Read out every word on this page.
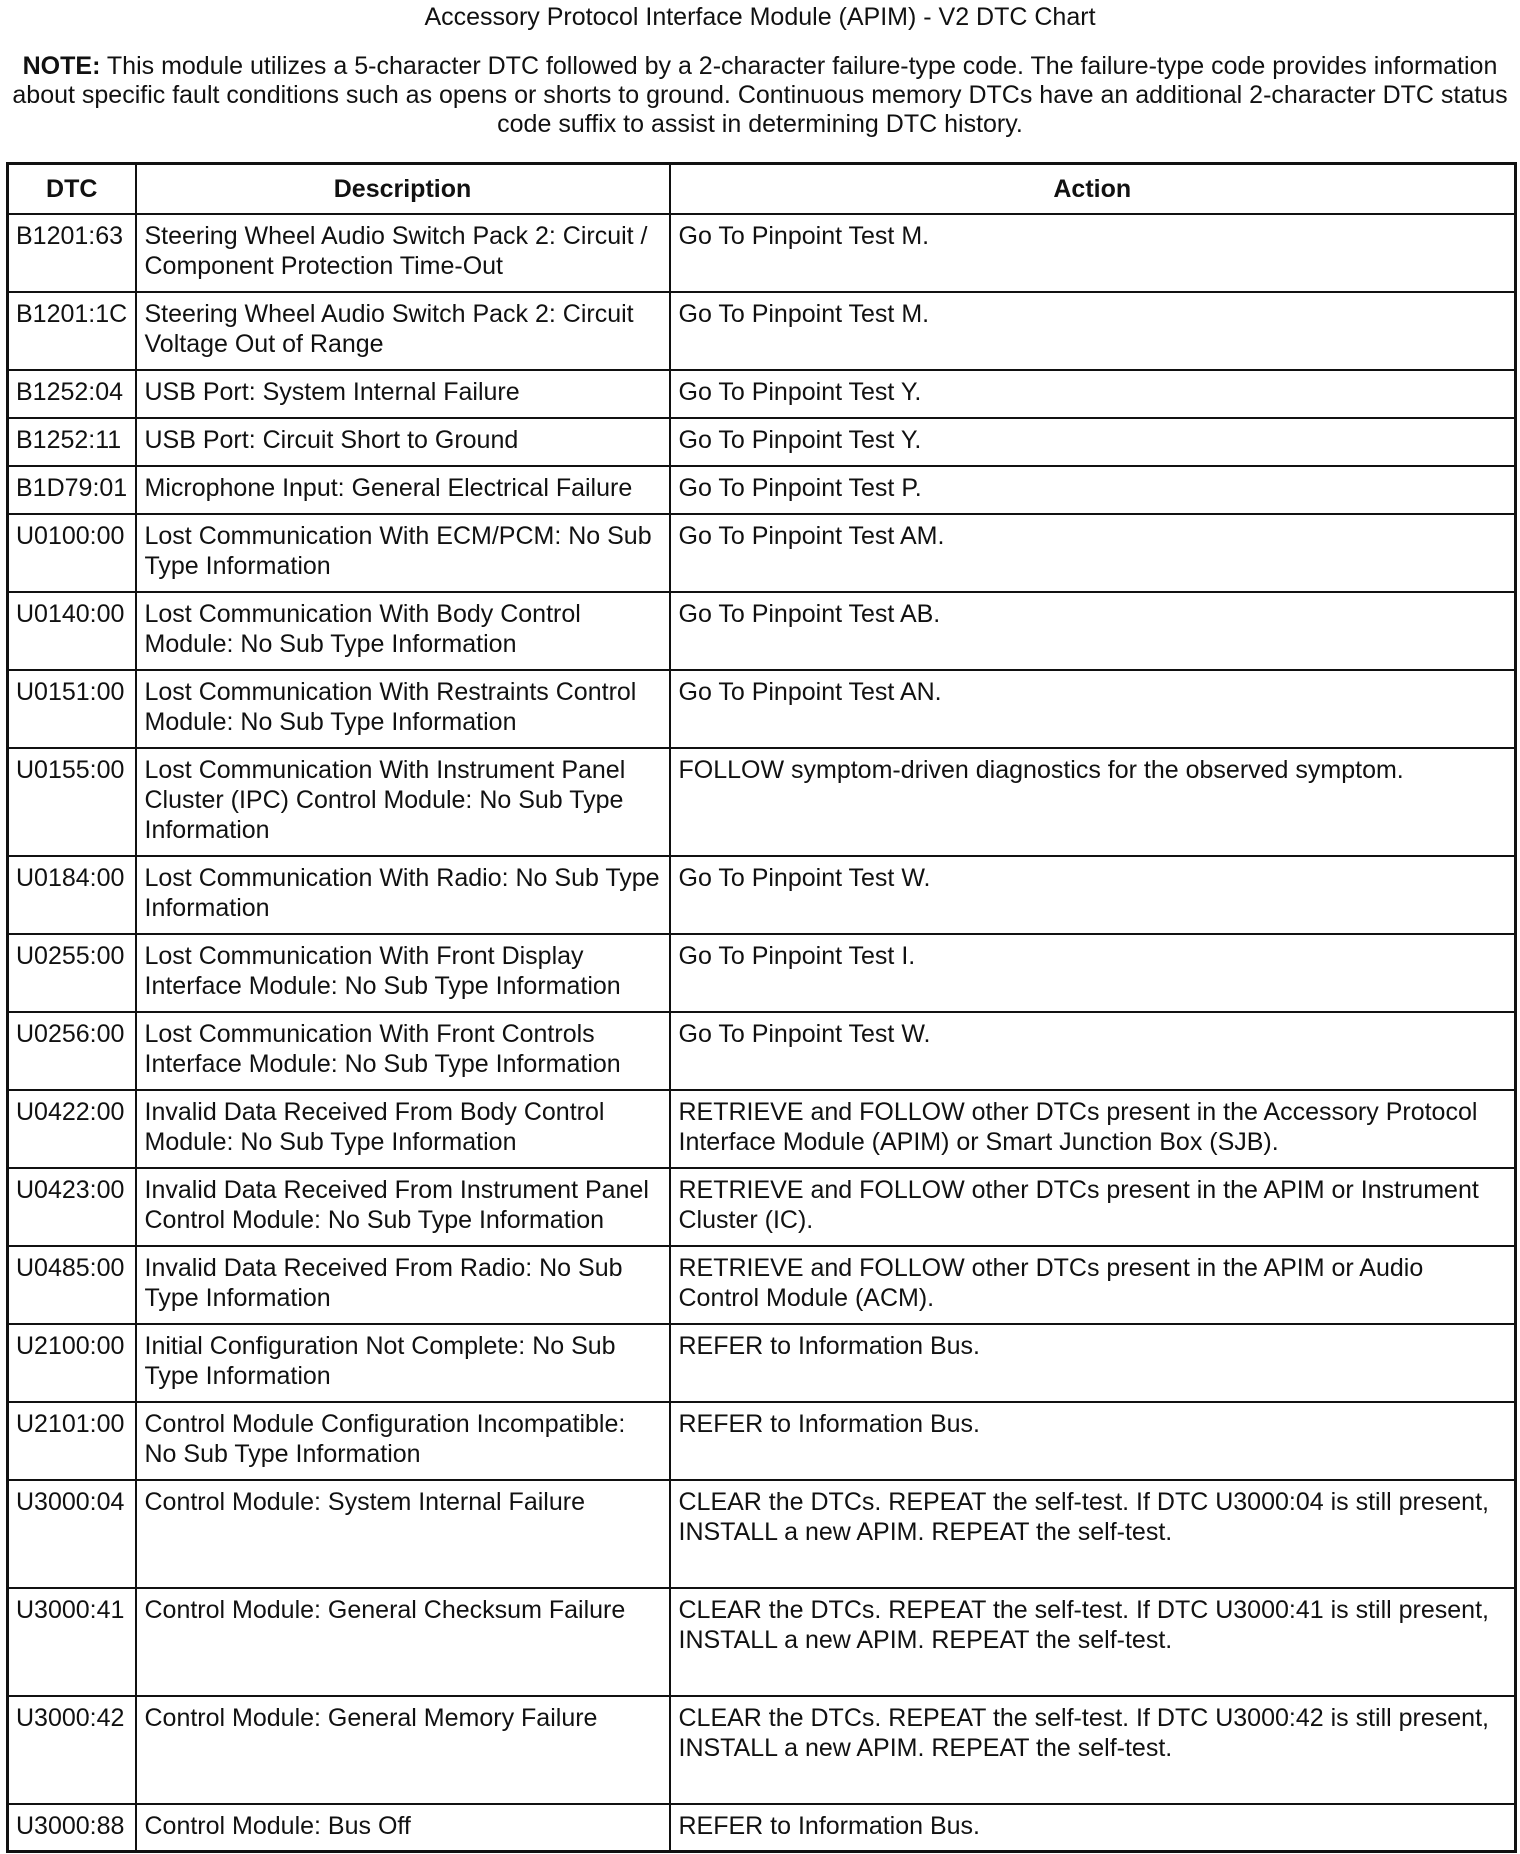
Accessory Protocol Interface Module (APIM) - V2 DTC Chart
NOTE: This module utilizes a 5-character DTC followed by a 2-character failure-type code. The failure-type code provides information about specific fault conditions such as opens or shorts to ground. Continuous memory DTCs have an additional 2-character DTC status code suffix to assist in determining DTC history.
DTC	Description	Action
B1201:63	Steering Wheel Audio Switch Pack 2: Circuit / Component Protection Time-Out	Go To Pinpoint Test M.
B1201:1C	Steering Wheel Audio Switch Pack 2: Circuit Voltage Out of Range	Go To Pinpoint Test M.
B1252:04	USB Port: System Internal Failure	Go To Pinpoint Test Y.
B1252:11	USB Port: Circuit Short to Ground	Go To Pinpoint Test Y.
B1D79:01	Microphone Input: General Electrical Failure	Go To Pinpoint Test P.
U0100:00	Lost Communication With ECM/PCM: No Sub Type Information	Go To Pinpoint Test AM.
U0140:00	Lost Communication With Body Control Module: No Sub Type Information	Go To Pinpoint Test AB.
U0151:00	Lost Communication With Restraints Control Module: No Sub Type Information	Go To Pinpoint Test AN.
U0155:00	Lost Communication With Instrument Panel Cluster (IPC) Control Module: No Sub Type Information	FOLLOW symptom-driven diagnostics for the observed symptom.
U0184:00	Lost Communication With Radio: No Sub Type Information	Go To Pinpoint Test W.
U0255:00	Lost Communication With Front Display Interface Module: No Sub Type Information	Go To Pinpoint Test I.
U0256:00	Lost Communication With Front Controls Interface Module: No Sub Type Information	Go To Pinpoint Test W.
U0422:00	Invalid Data Received From Body Control Module: No Sub Type Information	RETRIEVE and FOLLOW other DTCs present in the Accessory Protocol Interface Module (APIM) or Smart Junction Box (SJB).
U0423:00	Invalid Data Received From Instrument Panel Control Module: No Sub Type Information	RETRIEVE and FOLLOW other DTCs present in the APIM or Instrument Cluster (IC).
U0485:00	Invalid Data Received From Radio: No Sub Type Information	RETRIEVE and FOLLOW other DTCs present in the APIM or Audio Control Module (ACM).
U2100:00	Initial Configuration Not Complete: No Sub Type Information	REFER to Information Bus.
U2101:00	Control Module Configuration Incompatible: No Sub Type Information	REFER to Information Bus.
U3000:04	Control Module: System Internal Failure	CLEAR the DTCs. REPEAT the self-test. If DTC U3000:04 is still present, INSTALL a new APIM. REPEAT the self-test.
U3000:41	Control Module: General Checksum Failure	CLEAR the DTCs. REPEAT the self-test. If DTC U3000:41 is still present, INSTALL a new APIM. REPEAT the self-test.
U3000:42	Control Module: General Memory Failure	CLEAR the DTCs. REPEAT the self-test. If DTC U3000:42 is still present, INSTALL a new APIM. REPEAT the self-test.
U3000:88	Control Module: Bus Off	REFER to Information Bus.
